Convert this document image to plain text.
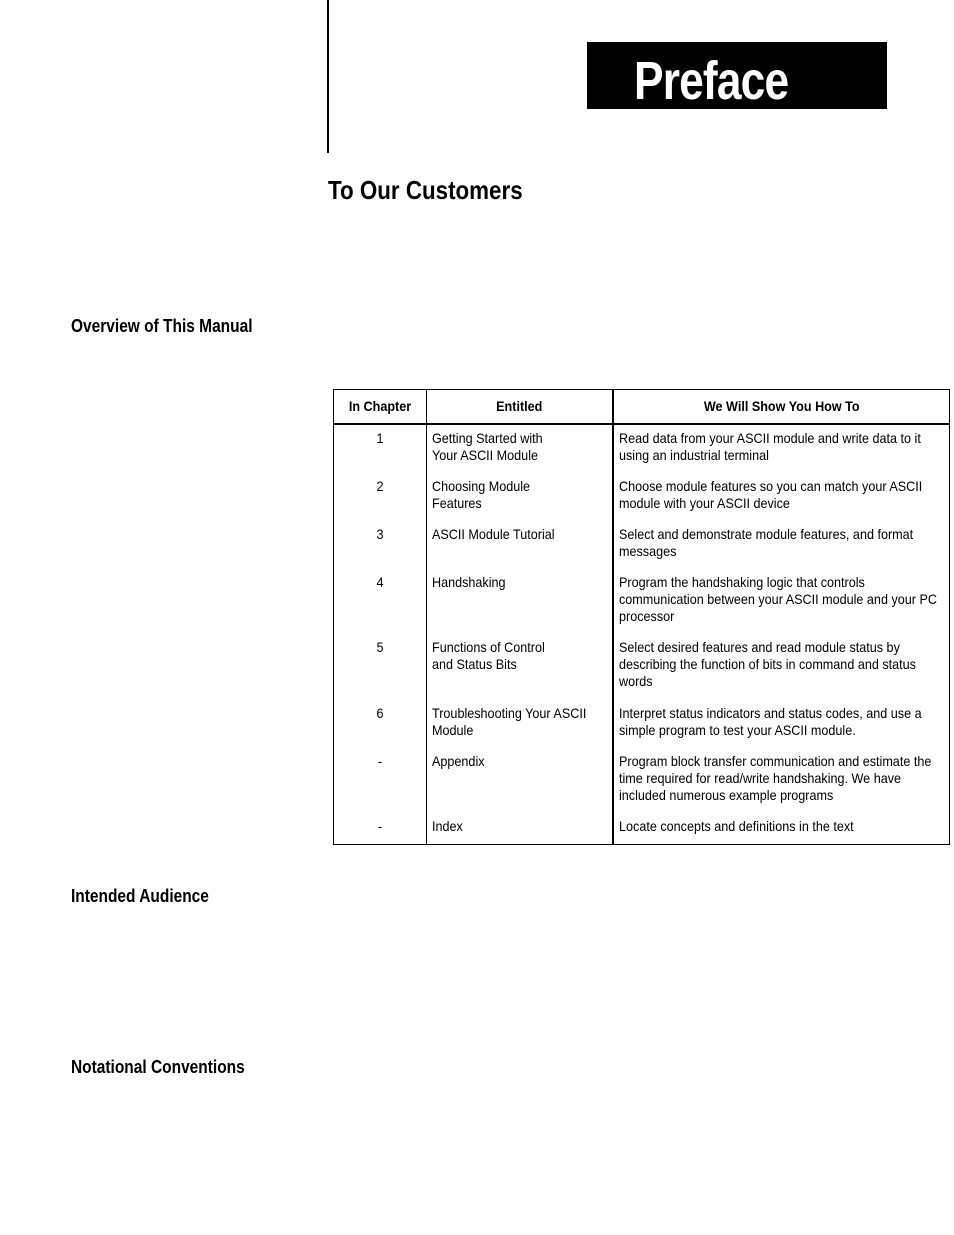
Preface
To Our Customers
Overview of This Manual
In Chapter	Entitled	We Will Show You How To

1	Getting Started with
Your ASCII Module	Read data from your ASCII module and write data to it using an industrial terminal

2	Choosing Module
Features	Choose module features so you can match your ASCII module with your ASCII device

3	ASCII Module Tutorial	Select and demonstrate module features, and format messages

4	Handshaking	Program the handshaking logic that controls communication between your ASCII module and your PC processor

5	Functions of Control
and Status Bits	Select desired features and read module status by describing the function of bits in command and status words

6	Troubleshooting Your ASCII Module	Interpret status indicators and status codes, and use a simple program to test your ASCII module.

-	Appendix	Program block transfer communication and estimate the time required for read/write handshaking. We have included numerous example programs

-	Index	Locate concepts and definitions in the text
Intended Audience
Notational Conventions
